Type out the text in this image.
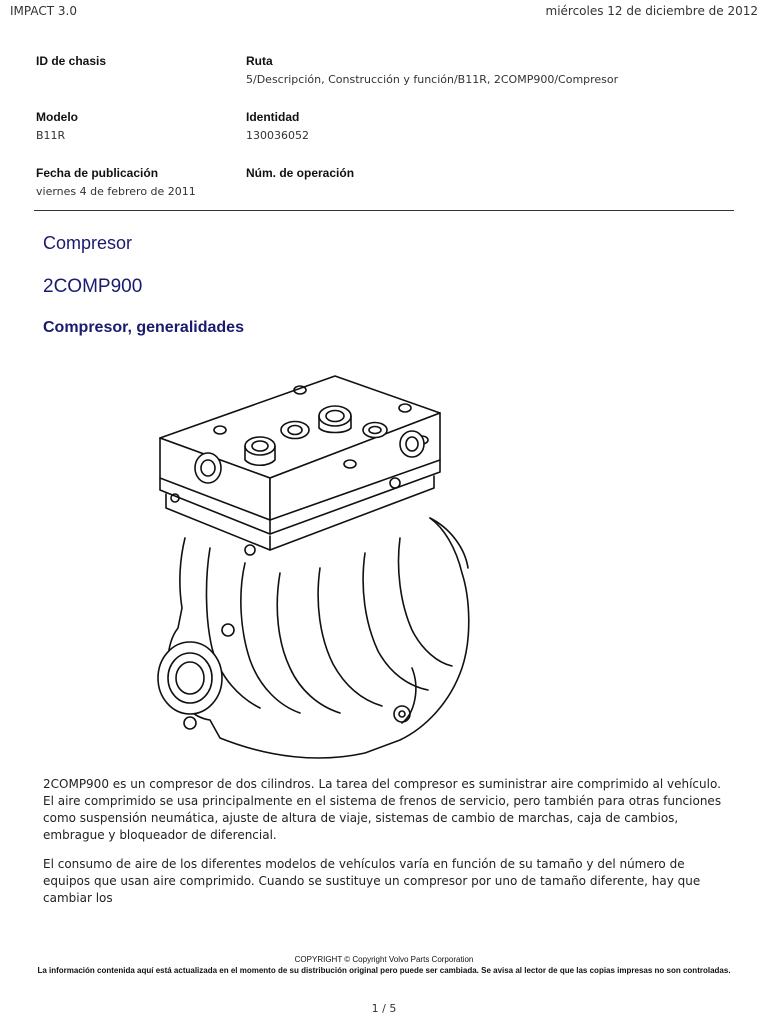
IMPACT 3.0	miércoles 12 de diciembre de 2012
ID de chasis	Ruta
5/Descripción, Construcción y función/B11R, 2COMP900/Compresor
Modelo
B11R
Identidad
130036052
Fecha de publicación
viernes 4 de febrero de 2011
Núm. de operación
Compresor
2COMP900
Compresor, generalidades
2COMP900 es un compresor de dos cilindros. La tarea del compresor es suministrar aire comprimido al vehículo. El aire comprimido se usa principalmente en el sistema de frenos de servicio, pero también para otras funciones como suspensión neumática, ajuste de altura de viaje, sistemas de cambio de marchas, caja de cambios, embrague y bloqueador de diferencial.
El consumo de aire de los diferentes modelos de vehículos varía en función de su tamaño y del número de equipos que usan aire comprimido. Cuando se sustituye un compresor por uno de tamaño diferente, hay que cambiar los
COPYRIGHT © Copyright Volvo Parts Corporation
La información contenida aquí está actualizada en el momento de su distribución original pero puede ser cambiada. Se avisa al lector de que las copias impresas no son controladas.
1 / 5
